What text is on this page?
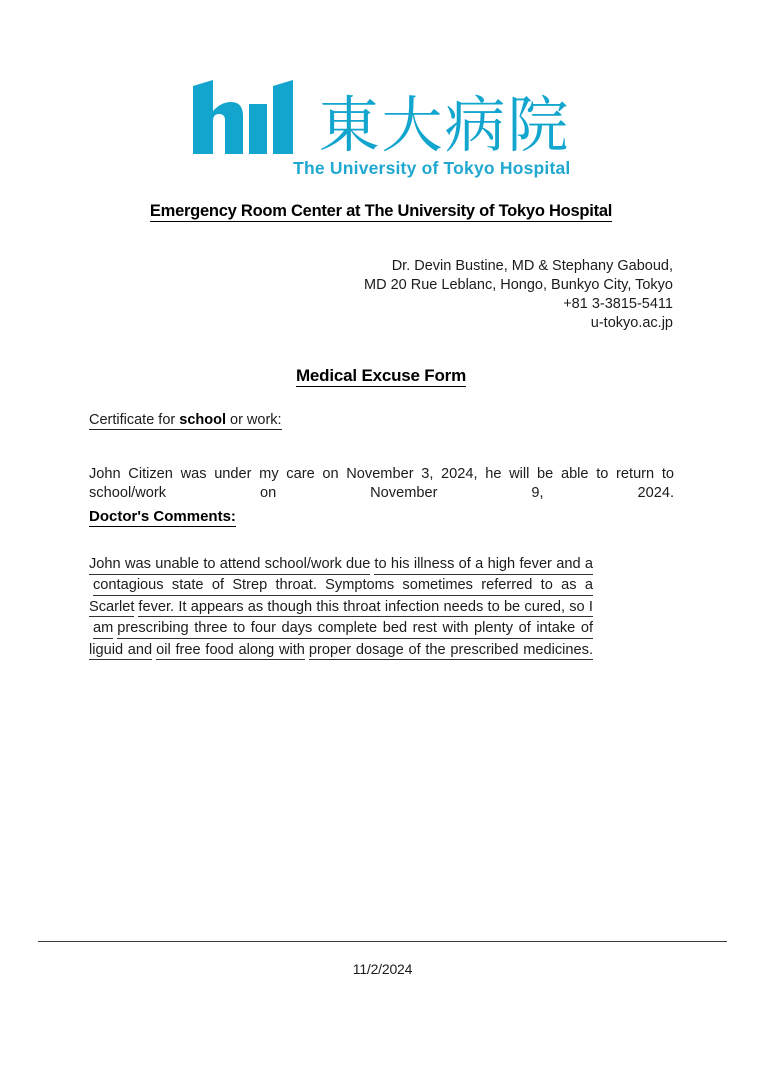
東大病院
The University of Tokyo Hospital
Emergency Room Center at The University of Tokyo Hospital
Dr. Devin Bustine, MD & Stephany Gaboud,
MD 20 Rue Leblanc, Hongo, Bunkyo City, Tokyo
+81 3-3815-5411
u-tokyo.ac.jp
Medical Excuse Form
Certificate for school or work:
John Citizen was under my care on November 3, 2024, he will be able to return to school/work on November 9, 2024.
Doctor's Comments:
John was unable to attend school/work due to his illness of a high fever and acontagious state of Strep throat. Symptoms sometimes referred to as a Scarlet fever. It appears as though this throat infection needs to be cured, so Iam prescribing three to four days complete bed rest with plenty of intake of liguid and oil free food along with proper dosage of the prescribed medicines.
11/2/2024
